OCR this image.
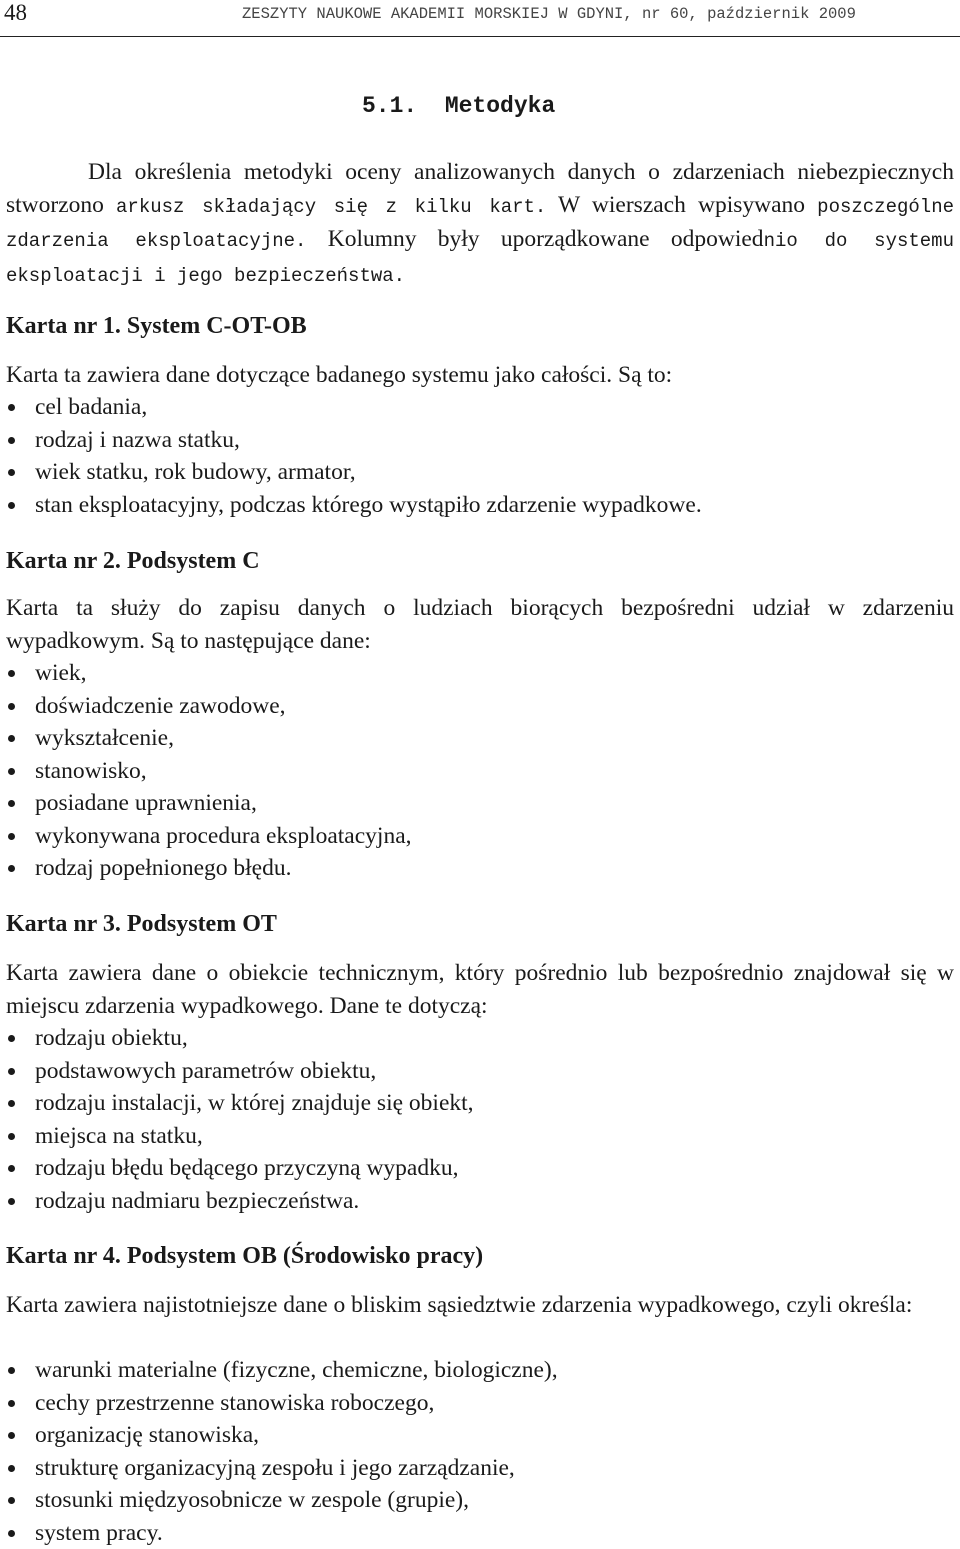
48	ZESZYTY NAUKOWE AKADEMII MORSKIEJ W GDYNI, nr 60, październik 2009
5.1. Metodyka

Dla określenia metodyki oceny analizowanych danych o zdarzeniach niebezpiecznych stworzono arkusz składający się z kilku kart. W wierszach wpisywano poszczególne zdarzenia eksploatacyjne. Kolumny były uporządkowane odpowiednio do systemu eksploatacji i jego bezpieczeństwa.

Karta nr 1. System C-OT-OB

Karta ta zawiera dane dotyczące badanego systemu jako całości. Są to:

cel badania,
rodzaj i nazwa statku,
wiek statku, rok budowy, armator,
stan eksploatacyjny, podczas którego wystąpiło zdarzenie wypadkowe.
Karta nr 2. Podsystem C

Karta ta służy do zapisu danych o ludziach biorących bezpośredni udział w zdarzeniu wypadkowym. Są to następujące dane:

wiek,
doświadczenie zawodowe,
wykształcenie,
stanowisko,
posiadane uprawnienia,
wykonywana procedura eksploatacyjna,
rodzaj popełnionego błędu.
Karta nr 3. Podsystem OT

Karta zawiera dane o obiekcie technicznym, który pośrednio lub bezpośrednio znajdował się w miejscu zdarzenia wypadkowego. Dane te dotyczą:

rodzaju obiektu,
podstawowych parametrów obiektu,
rodzaju instalacji, w której znajduje się obiekt,
miejsca na statku,
rodzaju błędu będącego przyczyną wypadku,
rodzaju nadmiaru bezpieczeństwa.
Karta nr 4. Podsystem OB (Środowisko pracy)

Karta zawiera najistotniejsze dane o bliskim sąsiedztwie zdarzenia wypadkowego, czyli określa:

warunki materialne (fizyczne, chemiczne, biologiczne),
cechy przestrzenne stanowiska roboczego,
organizację stanowiska,
strukturę organizacyjną zespołu i jego zarządzanie,
stosunki międzyosobnicze w zespole (grupie),
system pracy.
